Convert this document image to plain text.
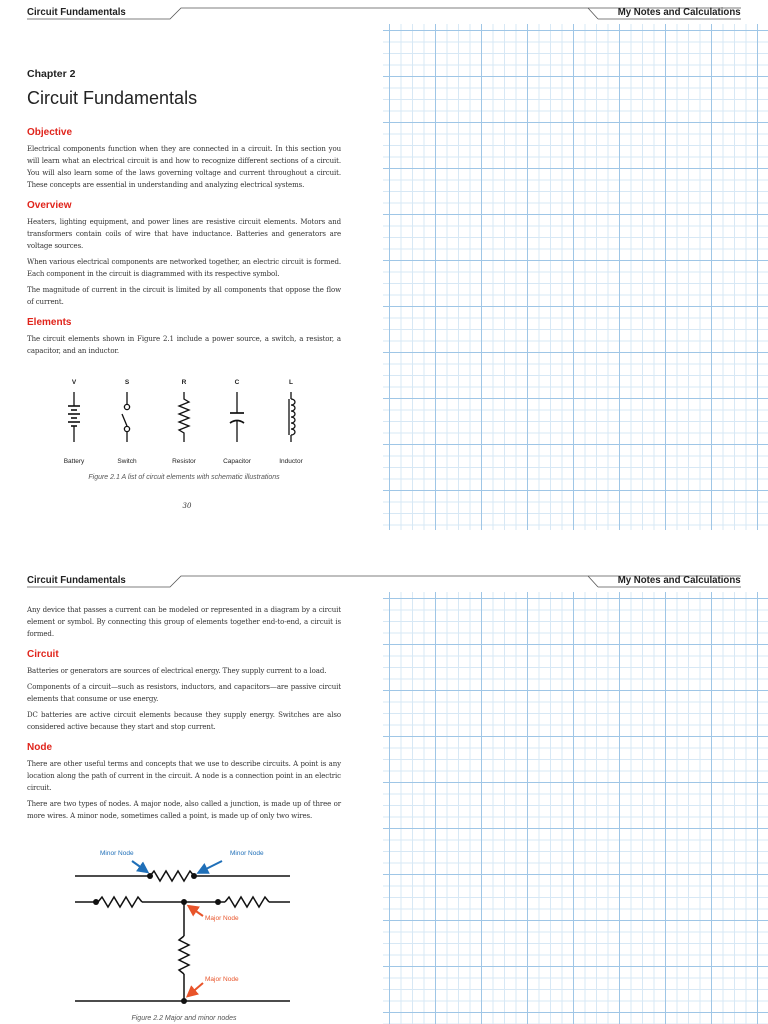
Circuit Fundamentals	My Notes and Calculations
Chapter 2
Circuit Fundamentals
Objective

Electrical components function when they are connected in a circuit. In this section you will learn what an electrical circuit is and how to recognize different sections of a circuit. You will also learn some of the laws governing voltage and current throughout a circuit. These concepts are essential in understanding and analyzing electrical systems.

Overview

Heaters, lighting equipment, and power lines are resistive circuit elements. Motors and transformers contain coils of wire that have inductance. Batteries and generators are voltage sources.

When various electrical components are networked together, an electric circuit is formed. Each component in the circuit is diagrammed with its respective symbol.

The magnitude of current in the circuit is limited by all components that oppose the flow of current.

Elements

The circuit elements shown in Figure 2.1 include a power source, a switch, a resistor, a capacitor, and an inductor.

V	S	R	C	L
Battery	Switch	Resistor	Capacitor	Inductor
Figure 2.1 A list of circuit elements with schematic illustrations
30
Circuit Fundamentals	My Notes and Calculations

Any device that passes a current can be modeled or represented in a diagram by a circuit element or symbol. By connecting this group of elements together end-to-end, a circuit is formed.

Circuit

Batteries or generators are sources of electrical energy. They supply current to a load.

Components of a circuit—such as resistors, inductors, and capacitors—are passive circuit elements that consume or use energy.

DC batteries are active circuit elements because they supply energy. Switches are also considered active because they start and stop current.

Node

There are other useful terms and concepts that we use to describe circuits. A point is any location along the path of current in the circuit. A node is a connection point in an electric circuit.

There are two types of nodes. A major node, also called a junction, is made up of three or more wires. A minor node, sometimes called a point, is made up of only two wires.

Minor Node	Minor Node
Major Node
Major Node
Figure 2.2 Major and minor nodes
